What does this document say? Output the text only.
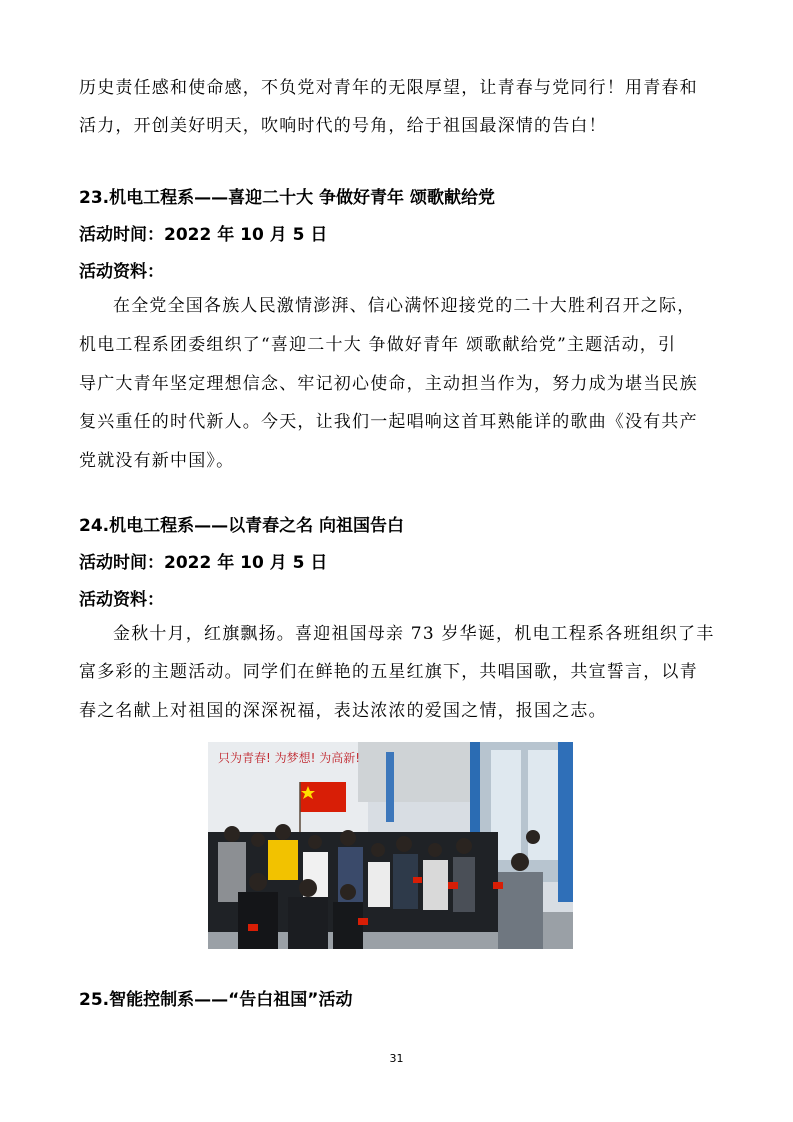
历史责任感和使命感，不负党对青年的无限厚望，让青春与党同行！用青春和
活力，开创美好明天，吹响时代的号角，给于祖国最深情的告白！
23.机电工程系——喜迎二十大 争做好青年 颂歌献给党
活动时间：2022 年 10 月 5 日
活动资料：
在全党全国各族人民激情澎湃、信心满怀迎接党的二十大胜利召开之际，
机电工程系团委组织了“喜迎二十大 争做好青年 颂歌献给党”主题活动，引
导广大青年坚定理想信念、牢记初心使命，主动担当作为，努力成为堪当民族
复兴重任的时代新人。今天，让我们一起唱响这首耳熟能详的歌曲《没有共产
党就没有新中国》。
24.机电工程系——以青春之名 向祖国告白
活动时间：2022 年 10 月 5 日
活动资料：
金秋十月，红旗飘扬。喜迎祖国母亲 73 岁华诞，机电工程系各班组织了丰
富多彩的主题活动。同学们在鲜艳的五星红旗下，共唱国歌，共宣誓言，以青
春之名献上对祖国的深深祝福，表达浓浓的爱国之情，报国之志。
只为青春! 为梦想! 为高新!
25.智能控制系——“告白祖国”活动
31
